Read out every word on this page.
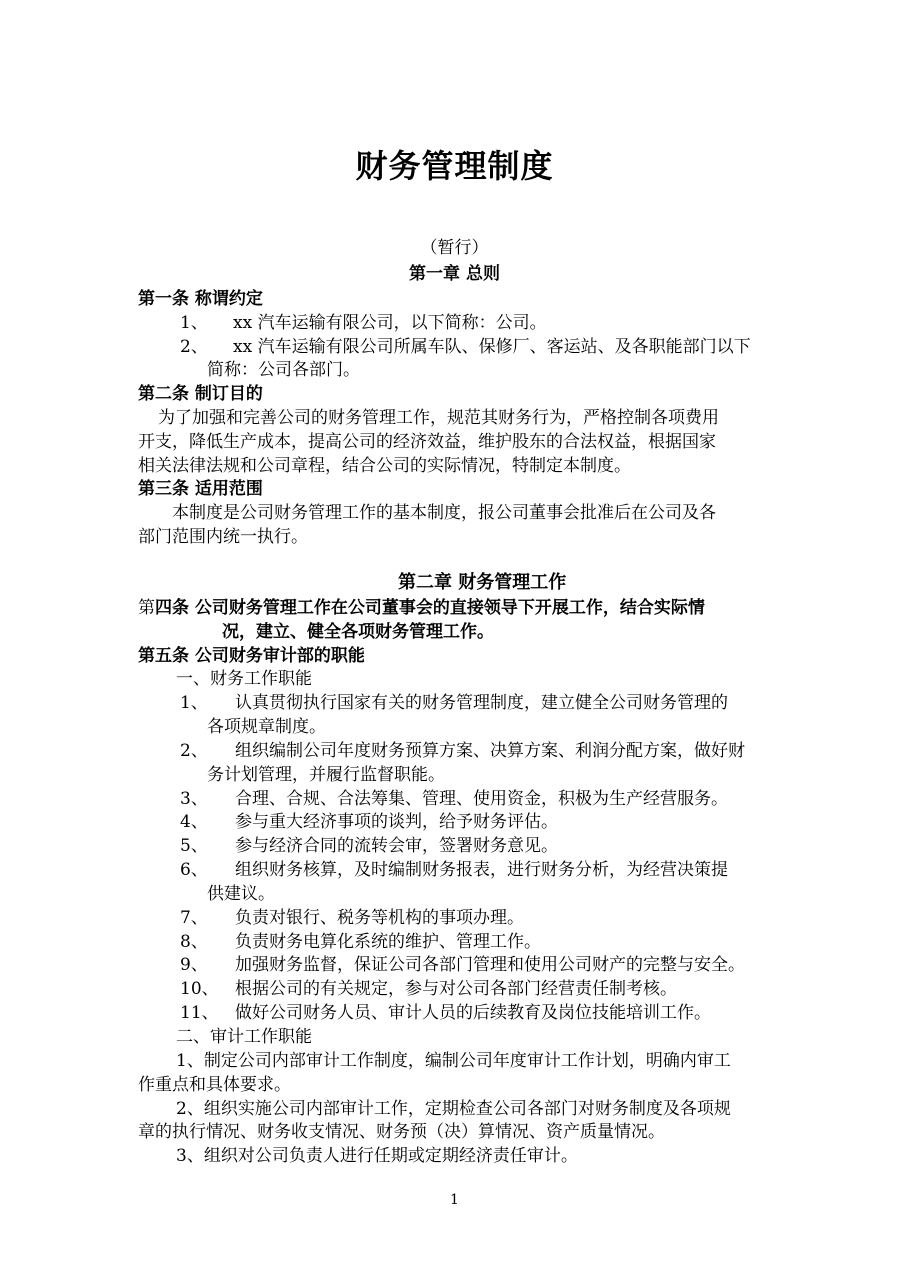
财务管理制度
（暂行）
第一章 总则
第一条 称谓约定
1、 xx 汽车运输有限公司，以下简称：公司。
2、 xx 汽车运输有限公司所属车队、保修厂、客运站、及各职能部门以下
简称：公司各部门。
第二条 制订目的
为了加强和完善公司的财务管理工作，规范其财务行为，严格控制各项费用
开支，降低生产成本，提高公司的经济效益，维护股东的合法权益，根据国家
相关法律法规和公司章程，结合公司的实际情况，特制定本制度。
第三条 适用范围
本制度是公司财务管理工作的基本制度，报公司董事会批准后在公司及各
部门范围内统一执行。
第二章 财务管理工作
第 四条 公司财务管理工作在公司董事会的直接领导下开展工作，结合实际情
况，建立、健全各项财务管理工作。
第五条 公司财务审计部的职能
一、财务工作职能
1、 认真贯彻执行国家有关的财务管理制度，建立健全公司财务管理的
各项规章制度。
2、 组织编制公司年度财务预算方案、决算方案、利润分配方案，做好财
务计划管理，并履行监督职能。
3、 合理、合规、合法筹集、管理、使用资金，积极为生产经营服务。
4、 参与重大经济事项的谈判，给予财务评估。
5、 参与经济合同的流转会审，签署财务意见。
6、 组织财务核算，及时编制财务报表，进行财务分析，为经营决策提
供建议。
7、 负责对银行、税务等机构的事项办理。
8、 负责财务电算化系统的维护、管理工作。
9、 加强财务监督，保证公司各部门管理和使用公司财产的完整与安全。
10、 根据公司的有关规定，参与对公司各部门经营责任制考核。
11、 做好公司财务人员、审计人员的后续教育及岗位技能培训工作。
二、审计工作职能
1、制定公司内部审计工作制度，编制公司年度审计工作计划，明确内审工
作重点和具体要求。
2、组织实施公司内部审计工作，定期检查公司各部门对财务制度及各项规
章的执行情况、财务收支情况、财务预（决）算情况、资产质量情况。
3、组织对公司负责人进行任期或定期经济责任审计。
1
